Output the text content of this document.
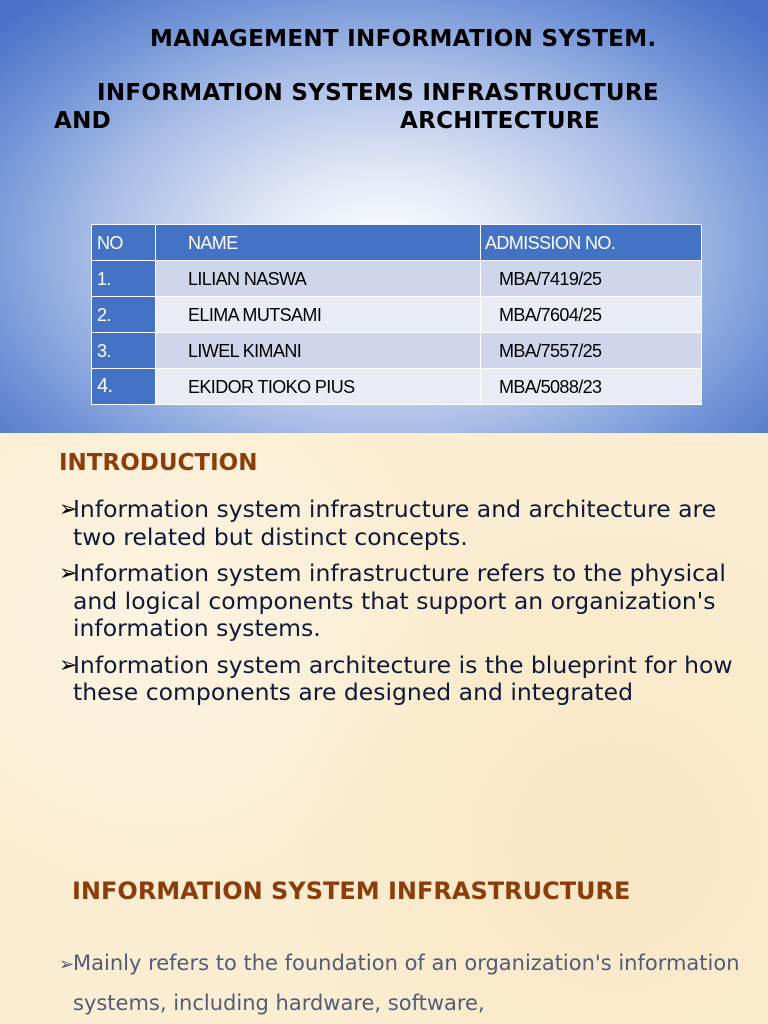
MANAGEMENT INFORMATION SYSTEM.
INFORMATION SYSTEMS INFRASTRUCTURE
AND	ARCHITECTURE
NO	NAME	ADMISSION NO.
1.	LILIAN NASWA	MBA/7419/25
2.	ELIMA MUTSAMI	MBA/7604/25
3.	LIWEL KIMANI	MBA/7557/25
4.	EKIDOR TIOKO PIUS	MBA/5088/23
INTRODUCTION
➢
Information system infrastructure and architecture are two related but distinct concepts.
➢
Information system infrastructure refers to the physical and logical components that support an organization's information systems.
➢
Information system architecture is the blueprint for how these components are designed and integrated
INFORMATION SYSTEM INFRASTRUCTURE

➢
Mainly refers to the foundation of an organization's information systems, including hardware, software,
